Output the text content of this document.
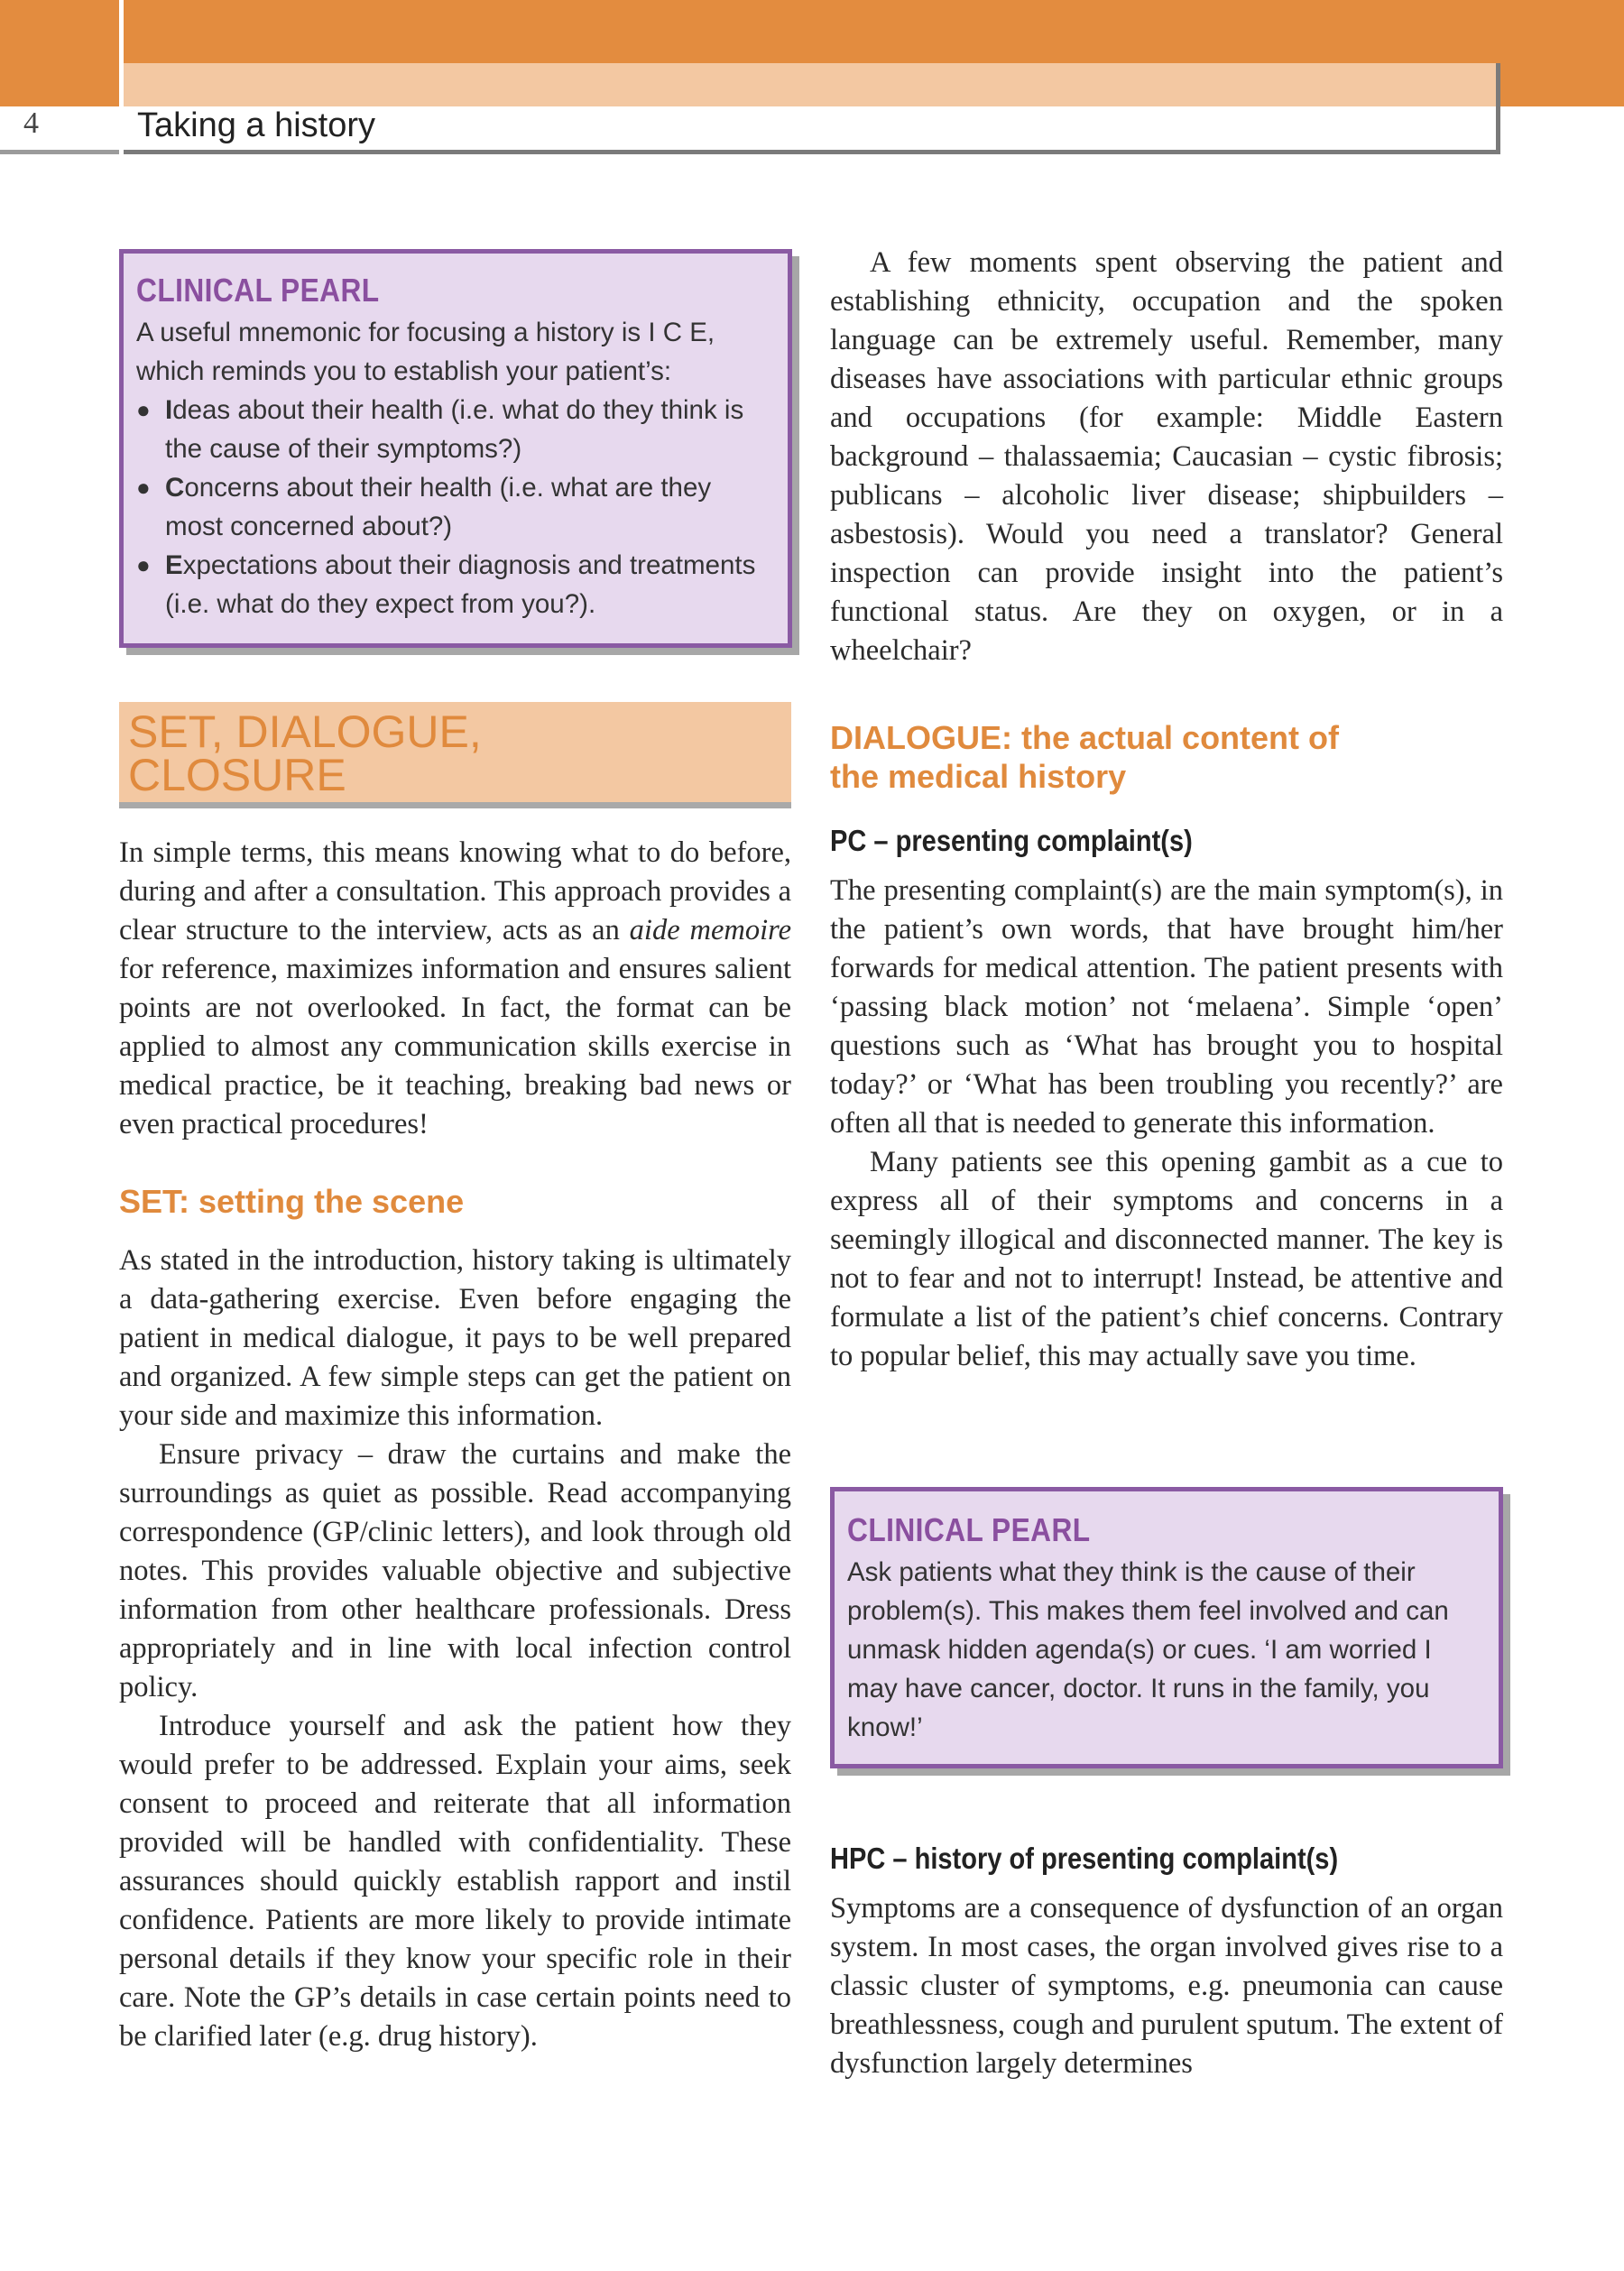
4	Taking a history

CLINICAL PEARL

A useful mnemonic for focusing a history is I C E, which reminds you to establish your patient’s:

● Ideas about their health (i.e. what do they think is the cause of their symptoms?)
● Concerns about their health (i.e. what are they most concerned about?)
● Expectations about their diagnosis and treatments (i.e. what do they expect from you?).
SET, DIALOGUE,
CLOSURE

In simple terms, this means knowing what to do before, during and after a consultation. This approach provides a clear structure to the interview, acts as an aide memoire for reference, maximizes information and ensures salient points are not overlooked. In fact, the format can be applied to almost any communication skills exercise in medical practice, be it teaching, breaking bad news or even practical procedures!

SET: setting the scene

As stated in the introduction, history taking is ultimately a data-gathering exercise. Even before engaging the patient in medical dialogue, it pays to be well prepared and organized. A few simple steps can get the patient on your side and maximize this information.

Ensure privacy – draw the curtains and make the surroundings as quiet as possible. Read accompanying correspondence (GP/clinic letters), and look through old notes. This provides valuable objective and subjective information from other healthcare professionals. Dress appropriately and in line with local infection control policy.

Introduce yourself and ask the patient how they would prefer to be addressed. Explain your aims, seek consent to proceed and reiterate that all information provided will be handled with confidentiality. These assurances should quickly establish rapport and instil confidence. Patients are more likely to provide intimate personal details if they know your specific role in their care. Note the GP’s details in case certain points need to be clarified later (e.g. drug history).

A few moments spent observing the patient and establishing ethnicity, occupation and the spoken language can be extremely useful. Remember, many diseases have associations with particular ethnic groups and occupations (for example: Middle Eastern background – thalassaemia; Caucasian – cystic fibrosis; publicans – alcoholic liver disease; shipbuilders – asbestosis). Would you need a translator? General inspection can provide insight into the patient’s functional status. Are they on oxygen, or in a wheelchair?

DIALOGUE: the actual content of
the medical history

PC – presenting complaint(s)

The presenting complaint(s) are the main symptom(s), in the patient’s own words, that have brought him/her forwards for medical attention. The patient presents with ‘passing black motion’ not ‘melaena’. Simple ‘open’ questions such as ‘What has brought you to hospital today?’ or ‘What has been troubling you recently?’ are often all that is needed to generate this information.

Many patients see this opening gambit as a cue to express all of their symptoms and concerns in a seemingly illogical and disconnected manner. The key is not to fear and not to interrupt! Instead, be attentive and formulate a list of the patient’s chief concerns. Contrary to popular belief, this may actually save you time.

CLINICAL PEARL

Ask patients what they think is the cause of their problem(s). This makes them feel involved and can unmask hidden agenda(s) or cues. ‘I am worried I may have cancer, doctor. It runs in the family, you know!’

HPC – history of presenting complaint(s)

Symptoms are a consequence of dysfunction of an organ system. In most cases, the organ involved gives rise to a classic cluster of symptoms, e.g. pneumonia can cause breathlessness, cough and purulent sputum. The extent of dysfunction largely determines
